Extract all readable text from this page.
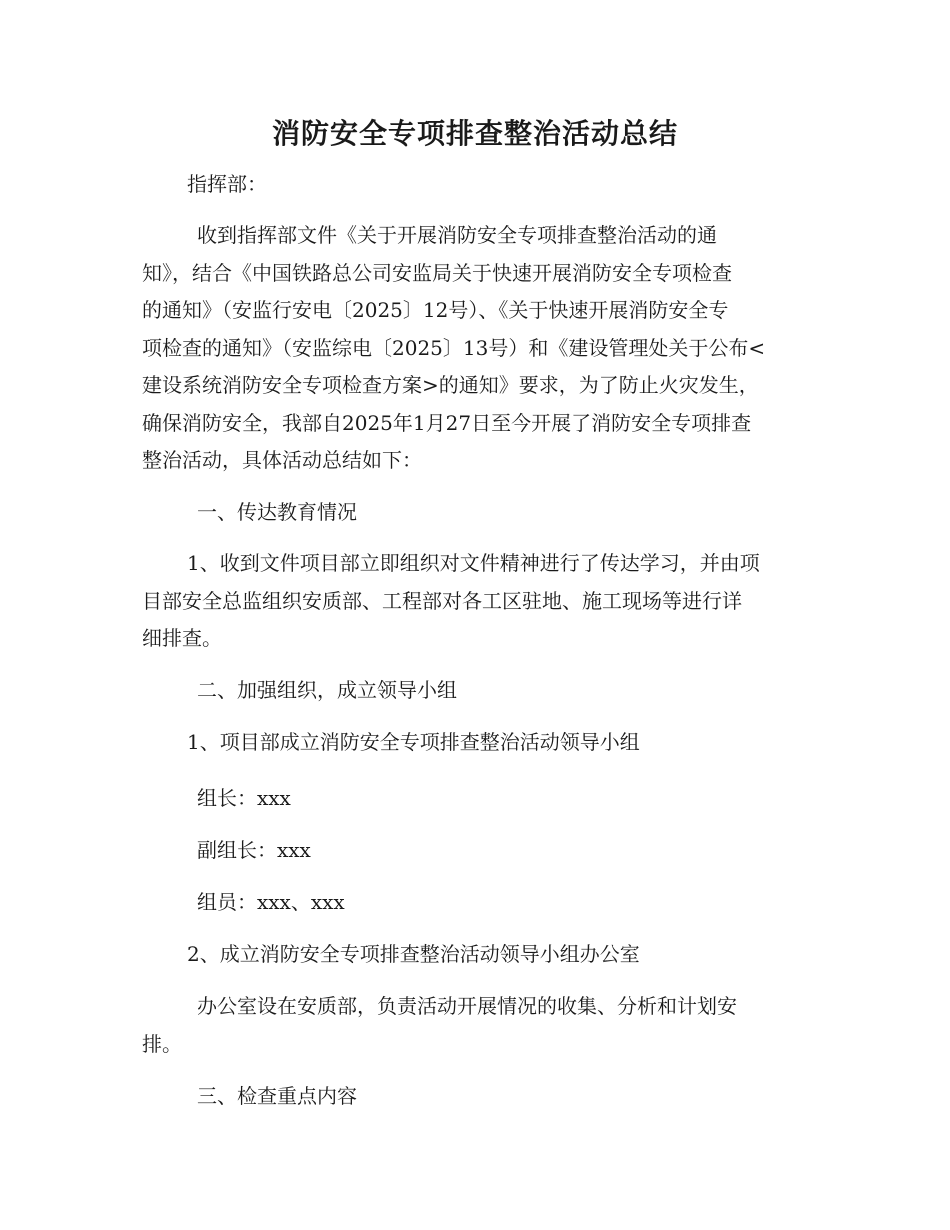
消防安全专项排查整治活动总结
指挥部：
收到指挥部文件《关于开展消防安全专项排查整治活动的通
知》，结合《中国铁路总公司安监局关于快速开展消防安全专项检查
的通知》（安监行安电〔2025〕12号）、《关于快速开展消防安全专
项检查的通知》（安监综电〔2025〕13号）和《建设管理处关于公布<
建设系统消防安全专项检查方案>的通知》要求，为了防止火灾发生，
确保消防安全，我部自2025年1月27日至今开展了消防安全专项排查
整治活动，具体活动总结如下：
一、传达教育情况
1、收到文件项目部立即组织对文件精神进行了传达学习，并由项
目部安全总监组织安质部、工程部对各工区驻地、施工现场等进行详
细排查。
二、加强组织，成立领导小组
1、项目部成立消防安全专项排查整治活动领导小组
组长：xxx
副组长：xxx
组员：xxx、xxx
2、成立消防安全专项排查整治活动领导小组办公室
办公室设在安质部，负责活动开展情况的收集、分析和计划安
排。
三、检查重点内容
